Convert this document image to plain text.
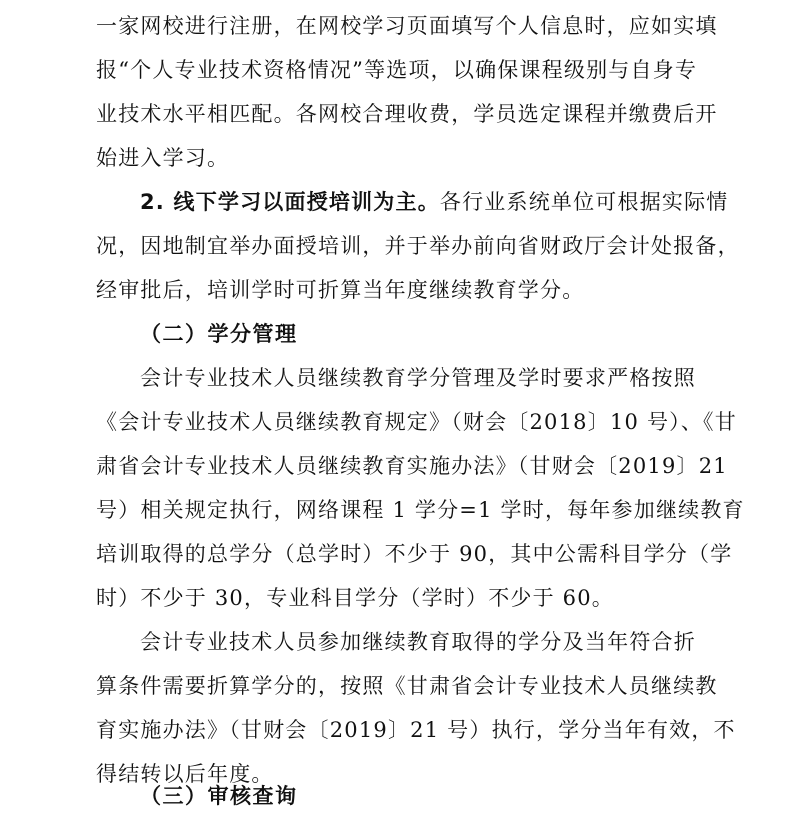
一家网校进行注册，在网校学习页面填写个人信息时，应如实填
报“个人专业技术资格情况”等选项，以确保课程级别与自身专
业技术水平相匹配。各网校合理收费，学员选定课程并缴费后开
始进入学习。
2. 线下学习以面授培训为主。各行业系统单位可根据实际情
况，因地制宜举办面授培训，并于举办前向省财政厅会计处报备，
经审批后，培训学时可折算当年度继续教育学分。
（二）学分管理
会计专业技术人员继续教育学分管理及学时要求严格按照
《会计专业技术人员继续教育规定》（财会〔2018〕10 号）、《甘
肃省会计专业技术人员继续教育实施办法》（甘财会〔2019〕21
号）相关规定执行，网络课程 1 学分=1 学时，每年参加继续教育
培训取得的总学分（总学时）不少于 90，其中公需科目学分（学
时）不少于 30，专业科目学分（学时）不少于 60。
会计专业技术人员参加继续教育取得的学分及当年符合折
算条件需要折算学分的，按照《甘肃省会计专业技术人员继续教
育实施办法》（甘财会〔2019〕21 号）执行，学分当年有效，不
得结转以后年度。
（三）审核查询
